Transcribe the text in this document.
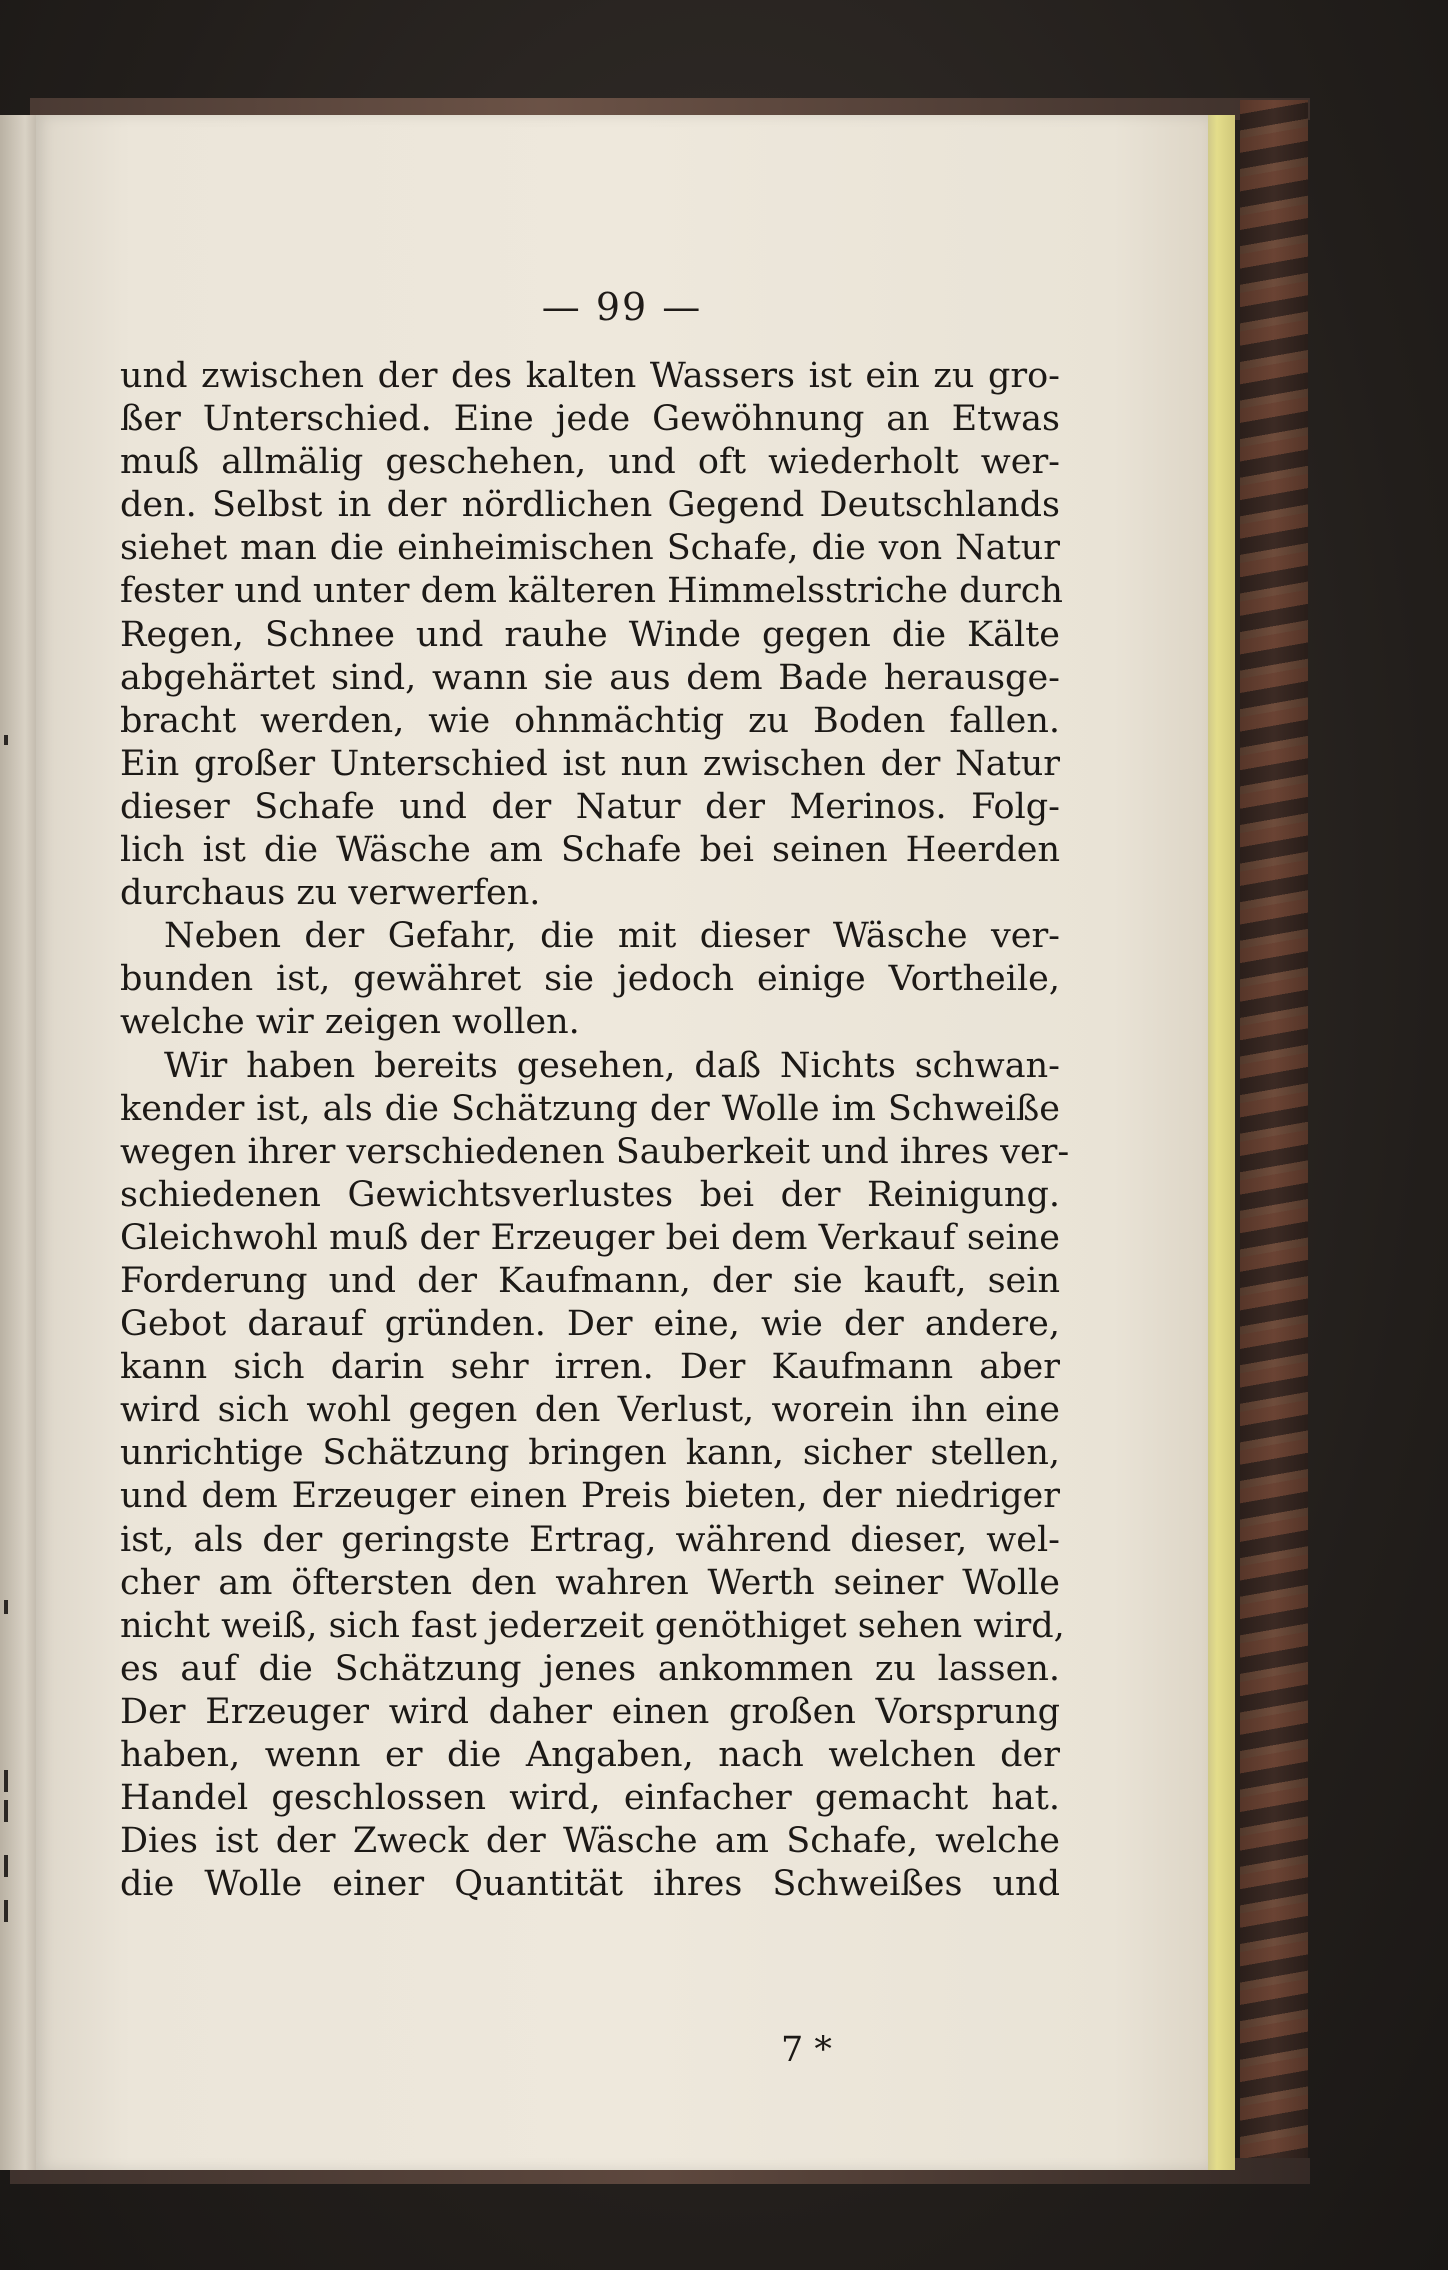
— 99 —
und zwischen der des kalten Wassers ist ein zu gro-
ßer Unterschied. Eine jede Gewöhnung an Etwas
muß allmälig geschehen, und oft wiederholt wer-
den. Selbst in der nördlichen Gegend Deutschlands
siehet man die einheimischen Schafe, die von Natur
fester und unter dem kälteren Himmelsstriche durch
Regen, Schnee und rauhe Winde gegen die Kälte
abgehärtet sind, wann sie aus dem Bade herausge-
bracht werden, wie ohnmächtig zu Boden fallen.
Ein großer Unterschied ist nun zwischen der Natur
dieser Schafe und der Natur der Merinos. Folg-
lich ist die Wäsche am Schafe bei seinen Heerden
durchaus zu verwerfen.
Neben der Gefahr, die mit dieser Wäsche ver-
bunden ist, gewähret sie jedoch einige Vortheile,
welche wir zeigen wollen.
Wir haben bereits gesehen, daß Nichts schwan-
kender ist, als die Schätzung der Wolle im Schweiße
wegen ihrer verschiedenen Sauberkeit und ihres ver-
schiedenen Gewichtsverlustes bei der Reinigung.
Gleichwohl muß der Erzeuger bei dem Verkauf seine
Forderung und der Kaufmann, der sie kauft, sein
Gebot darauf gründen. Der eine, wie der andere,
kann sich darin sehr irren. Der Kaufmann aber
wird sich wohl gegen den Verlust, worein ihn eine
unrichtige Schätzung bringen kann, sicher stellen,
und dem Erzeuger einen Preis bieten, der niedriger
ist, als der geringste Ertrag, während dieser, wel-
cher am öftersten den wahren Werth seiner Wolle
nicht weiß, sich fast jederzeit genöthiget sehen wird,
es auf die Schätzung jenes ankommen zu lassen.
Der Erzeuger wird daher einen großen Vorsprung
haben, wenn er die Angaben, nach welchen der
Handel geschlossen wird, einfacher gemacht hat.
Dies ist der Zweck der Wäsche am Schafe, welche
die Wolle einer Quantität ihres Schweißes und
7 *
